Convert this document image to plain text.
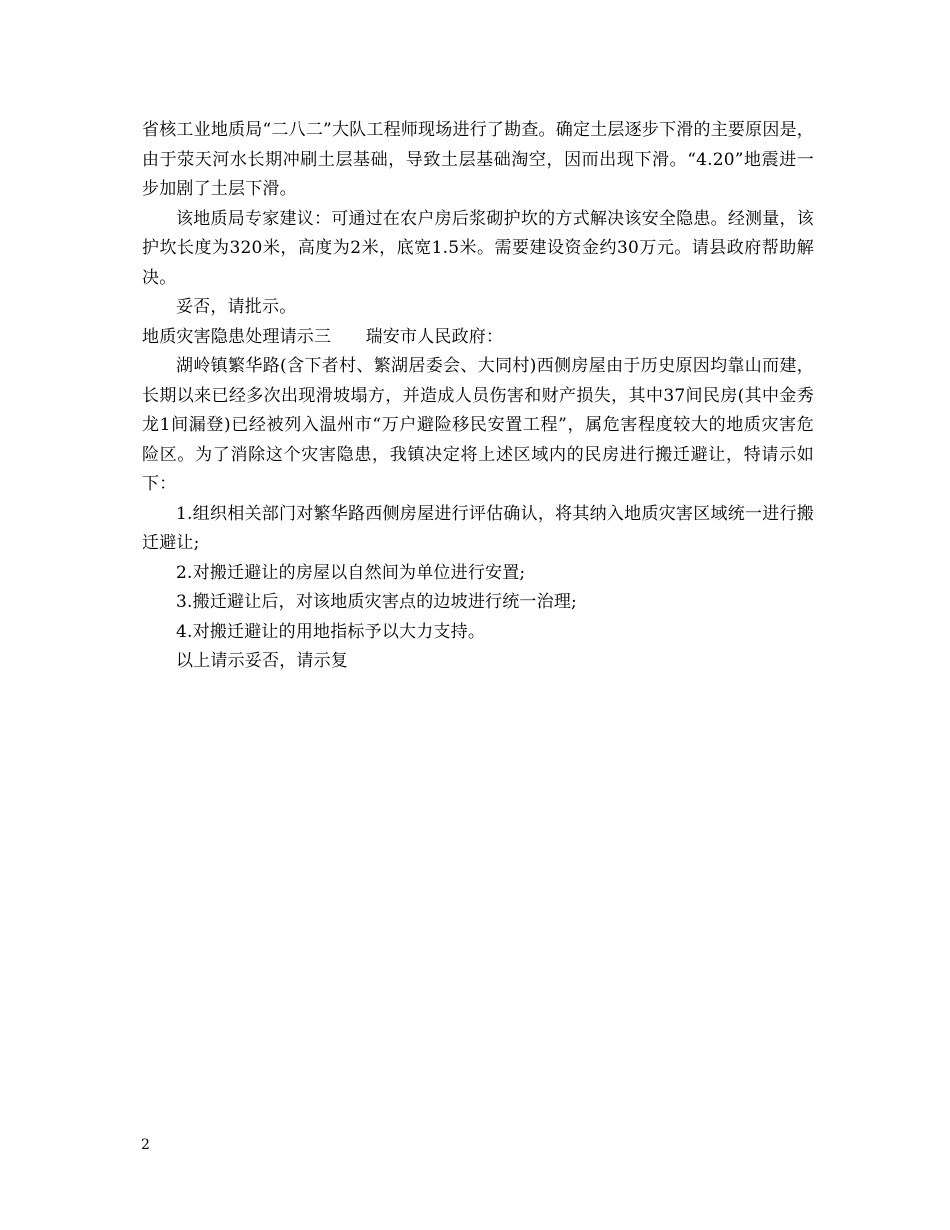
省核工业地质局“二八二”大队工程师现场进行了勘查。确定土层逐步下滑的主要原因是，由于荥天河水长期冲刷土层基础，导致土层基础淘空，因而出现下滑。“4.20”地震进一步加剧了土层下滑。

该地质局专家建议：可通过在农户房后浆砌护坎的方式解决该安全隐患。经测量，该护坎长度为320米，高度为2米，底宽1.5米。需要建设资金约30万元。请县政府帮助解决。

妥否，请批示。

地质灾害隐患处理请示三　　瑞安市人民政府：

湖岭镇繁华路(含下者村、繁湖居委会、大同村)西侧房屋由于历史原因均靠山而建，长期以来已经多次出现滑坡塌方，并造成人员伤害和财产损失，其中37间民房(其中金秀龙1间漏登)已经被列入温州市“万户避险移民安置工程”，属危害程度较大的地质灾害危险区。为了消除这个灾害隐患，我镇决定将上述区域内的民房进行搬迁避让，特请示如下：

1.组织相关部门对繁华路西侧房屋进行评估确认，将其纳入地质灾害区域统一进行搬迁避让;

2.对搬迁避让的房屋以自然间为单位进行安置;

3.搬迁避让后，对该地质灾害点的边坡进行统一治理;

4.对搬迁避让的用地指标予以大力支持。

以上请示妥否，请示复

2
